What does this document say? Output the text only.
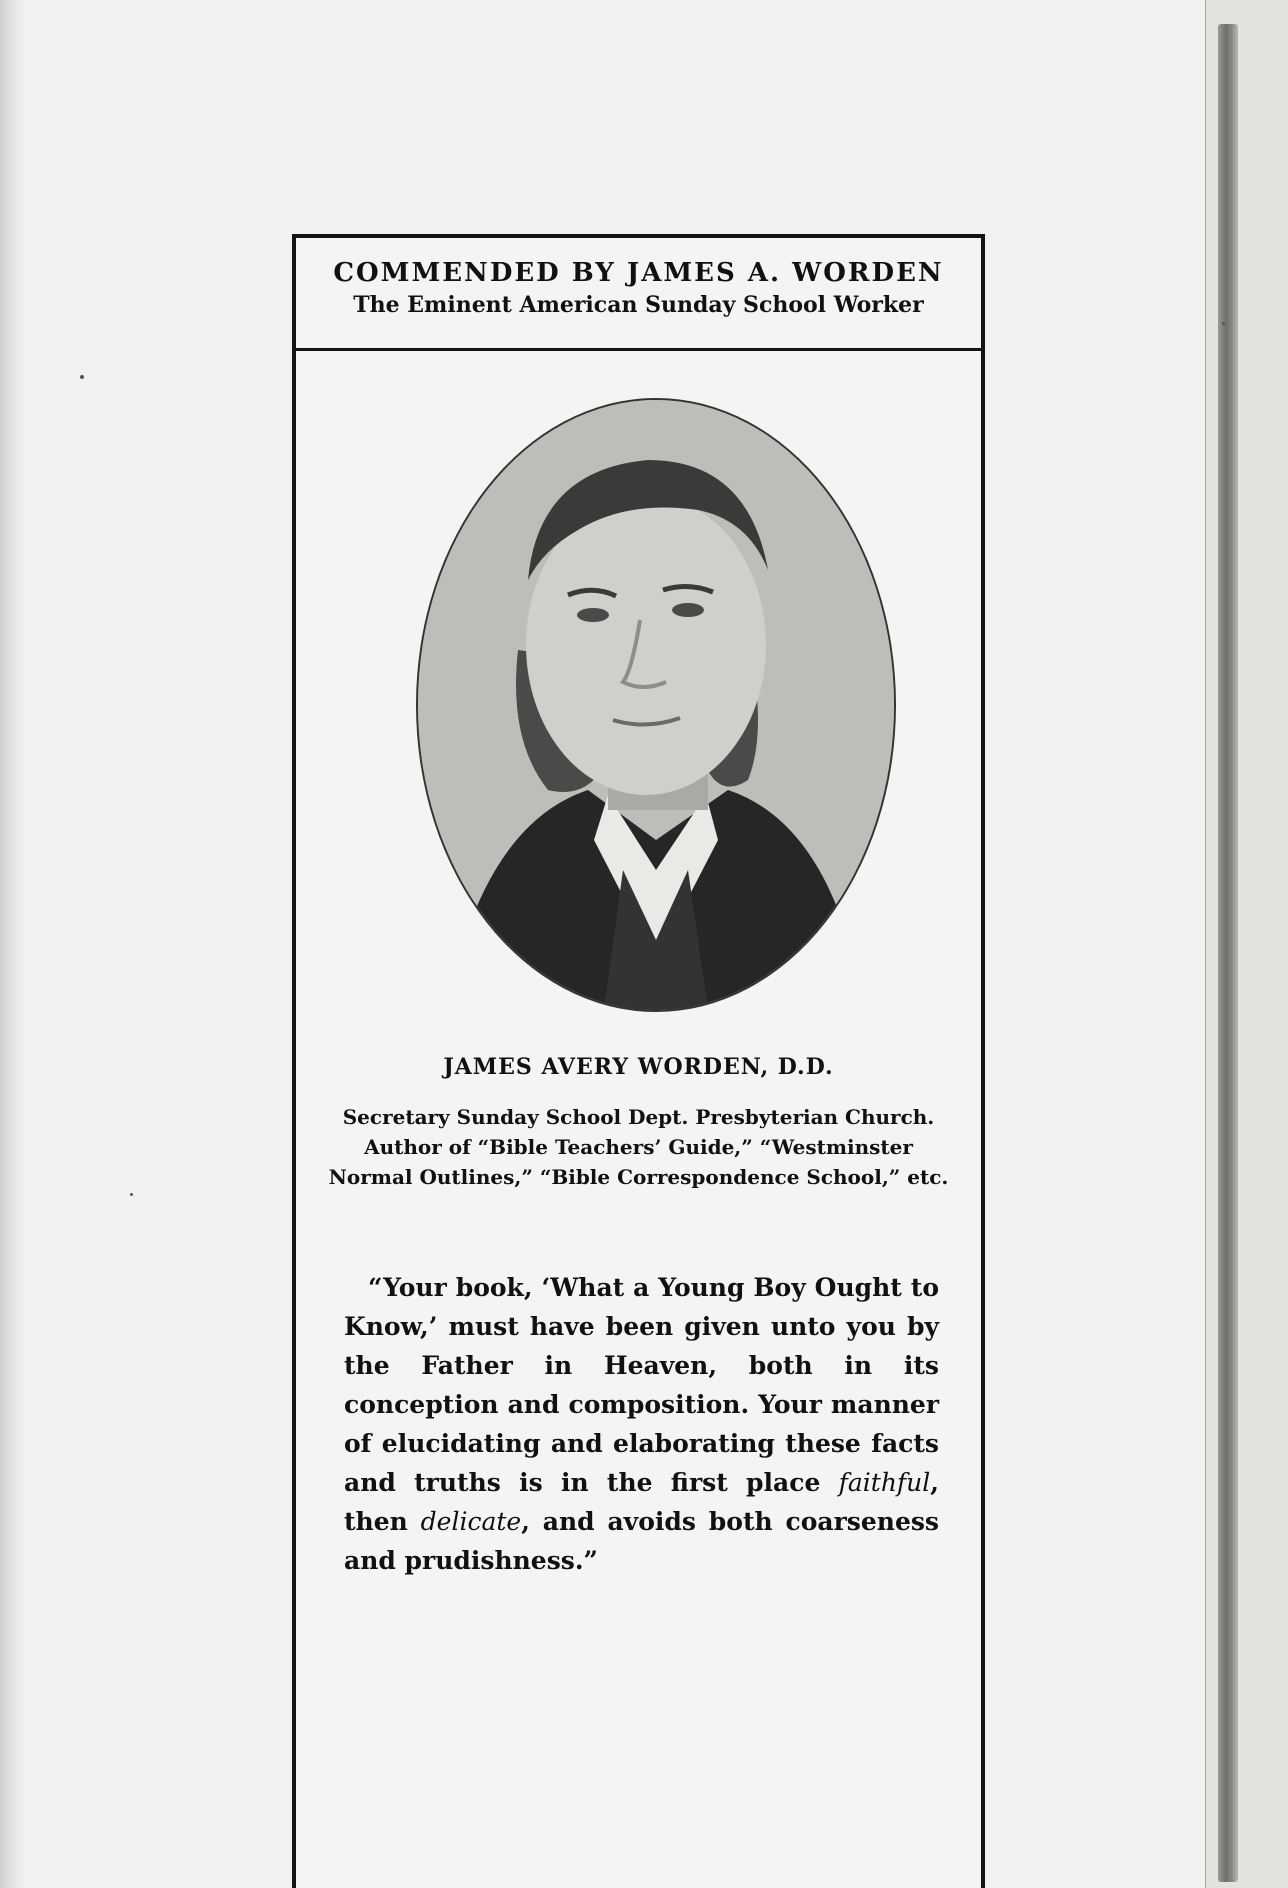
COMMENDED BY JAMES A. WORDEN
The Eminent American Sunday School Worker
JAMES AVERY WORDEN, D.D.
Secretary Sunday School Dept. Presbyterian Church. Author of “Bible Teachers’ Guide,” “Westminster Normal Outlines,” “Bible Correspondence School,” etc.
“Your book, ‘What a Young Boy Ought to Know,’ must have been given unto you by the Father in Heaven, both in its conception and composition. Your manner of elucidating and elaborating these facts and truths is in the first place faithful, then delicate, and avoids both coarseness and prudishness.”
